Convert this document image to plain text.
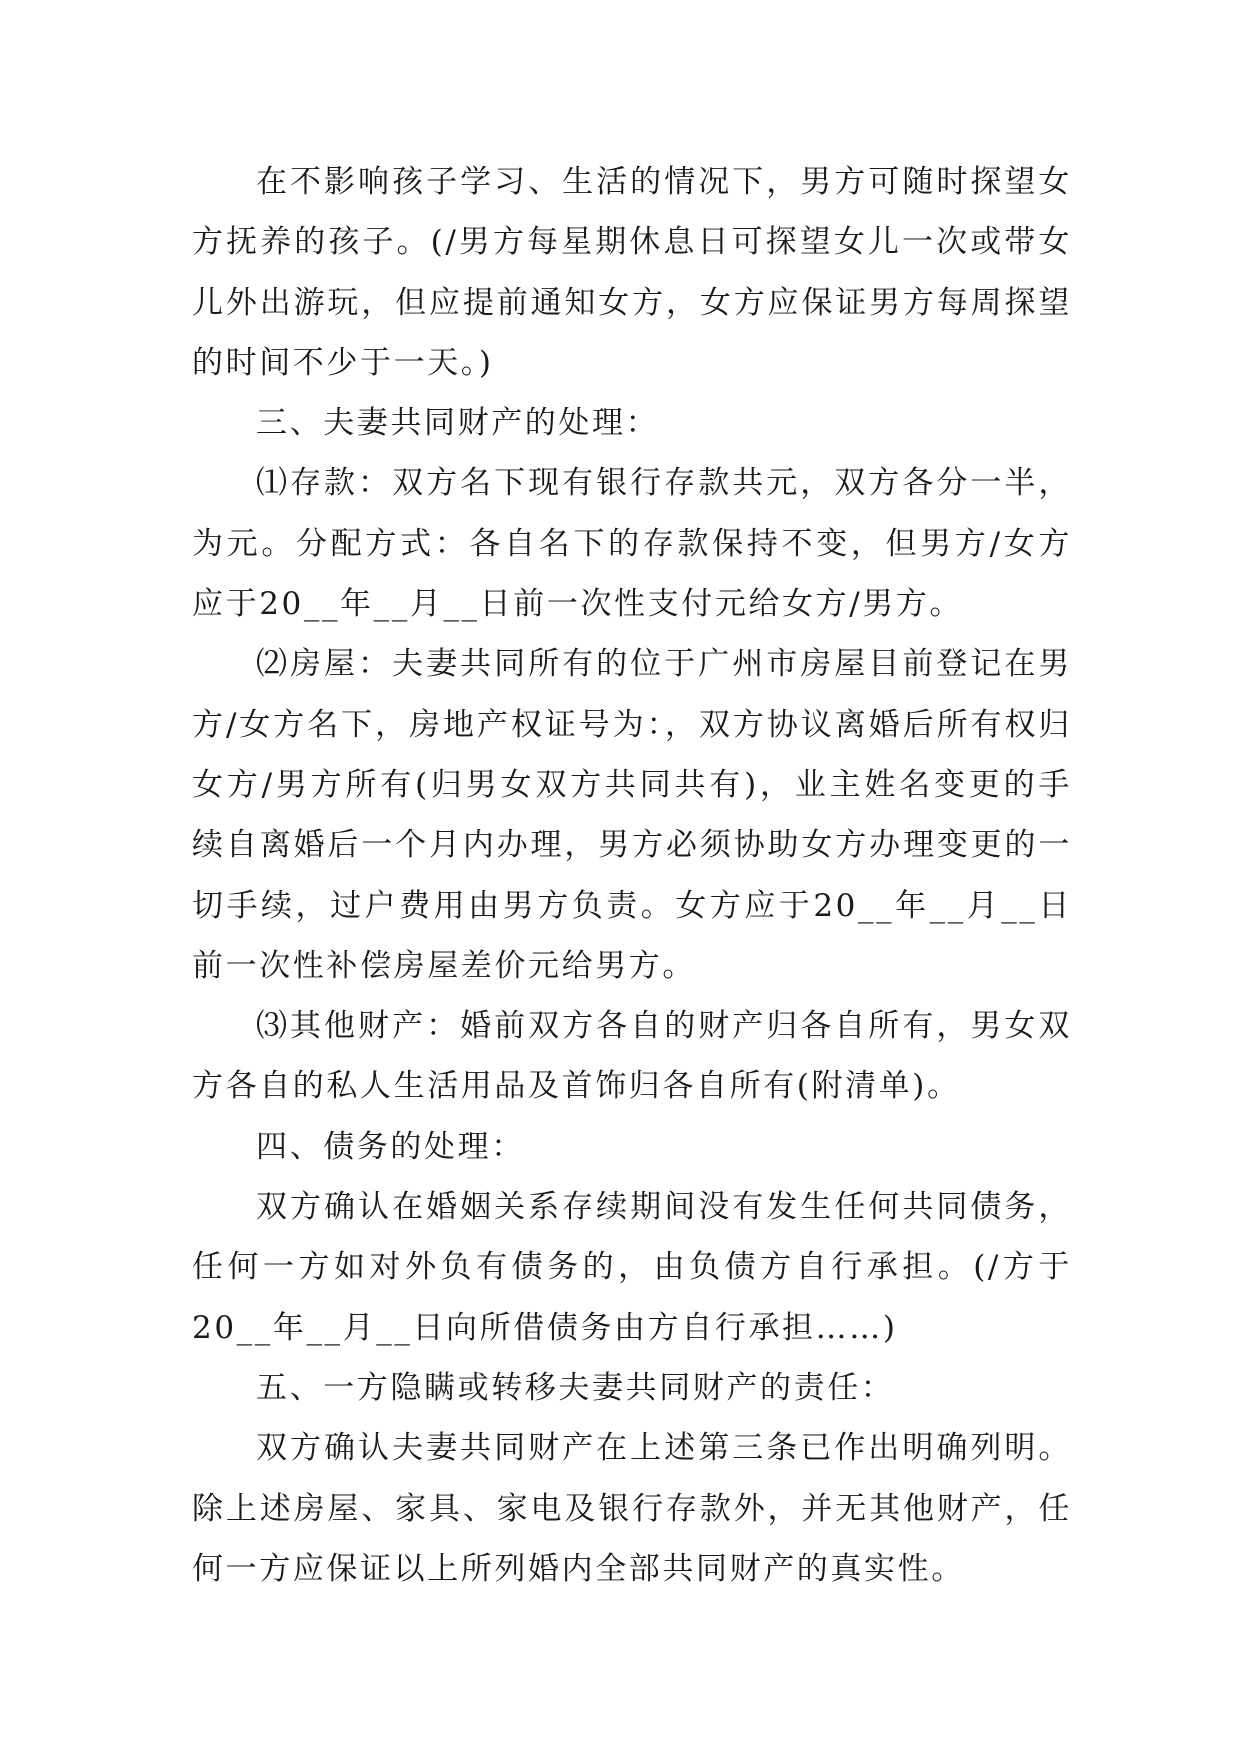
在不影响孩子学习、生活的情况下，男方可随时探望女方抚养的孩子。(/男方每星期休息日可探望女儿一次或带女儿外出游玩，但应提前通知女方，女方应保证男方每周探望的时间不少于一天。)

三、夫妻共同财产的处理：

⑴存款：双方名下现有银行存款共元，双方各分一半，为元。分配方式：各自名下的存款保持不变，但男方/女方应于20__年__月__日前一次性支付元给女方/男方。

⑵房屋：夫妻共同所有的位于广州市房屋目前登记在男方/女方名下，房地产权证号为：，双方协议离婚后所有权归女方/男方所有(归男女双方共同共有)，业主姓名变更的手续自离婚后一个月内办理，男方必须协助女方办理变更的一切手续，过户费用由男方负责。女方应于20__年__月__日前一次性补偿房屋差价元给男方。

⑶其他财产：婚前双方各自的财产归各自所有，男女双方各自的私人生活用品及首饰归各自所有(附清单)。

四、债务的处理：

双方确认在婚姻关系存续期间没有发生任何共同债务，任何一方如对外负有债务的，由负债方自行承担。(/方于20__年__月__日向所借债务由方自行承担……)

五、一方隐瞒或转移夫妻共同财产的责任：

双方确认夫妻共同财产在上述第三条已作出明确列明。除上述房屋、家具、家电及银行存款外，并无其他财产，任何一方应保证以上所列婚内全部共同财产的真实性。
